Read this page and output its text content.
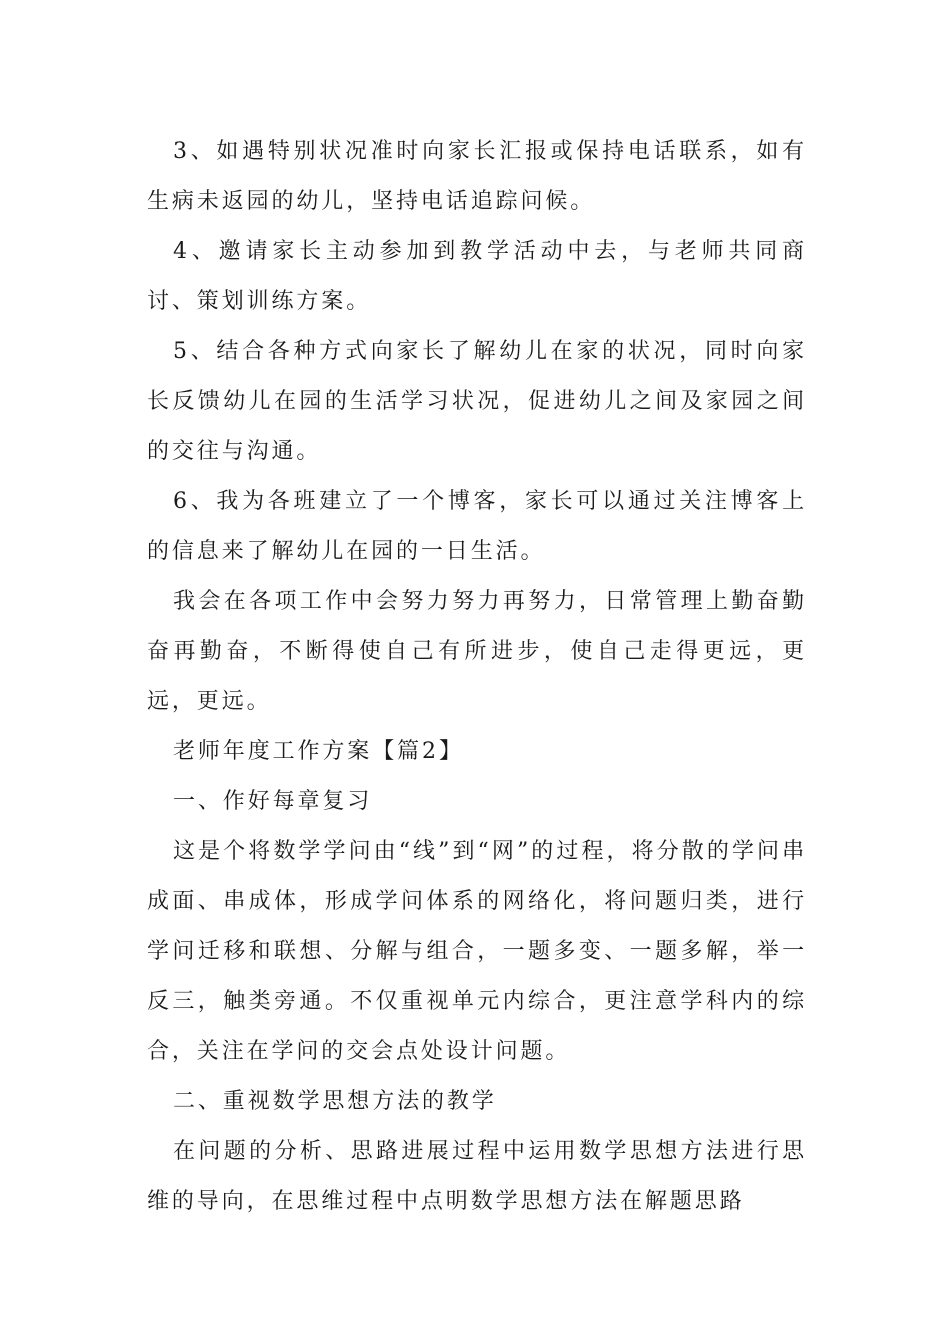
3、如遇特别状况准时向家长汇报或保持电话联系，如有生病未返园的幼儿，坚持电话追踪问候。

4、邀请家长主动参加到教学活动中去，与老师共同商讨、策划训练方案。

5、结合各种方式向家长了解幼儿在家的状况，同时向家长反馈幼儿在园的生活学习状况，促进幼儿之间及家园之间的交往与沟通。

6、我为各班建立了一个博客，家长可以通过关注博客上的信息来了解幼儿在园的一日生活。

我会在各项工作中会努力努力再努力，日常管理上勤奋勤奋再勤奋，不断得使自己有所进步，使自己走得更远，更远，更远。

老师年度工作方案【篇2】

一、作好每章复习

这是个将数学学问由“线”到“网”的过程，将分散的学问串成面、串成体，形成学问体系的网络化，将问题归类，进行学问迁移和联想、分解与组合，一题多变、一题多解，举一反三，触类旁通。不仅重视单元内综合，更注意学科内的综合，关注在学问的交会点处设计问题。

二、重视数学思想方法的教学

在问题的分析、思路进展过程中运用数学思想方法进行思维的导向，在思维过程中点明数学思想方法在解题思路
